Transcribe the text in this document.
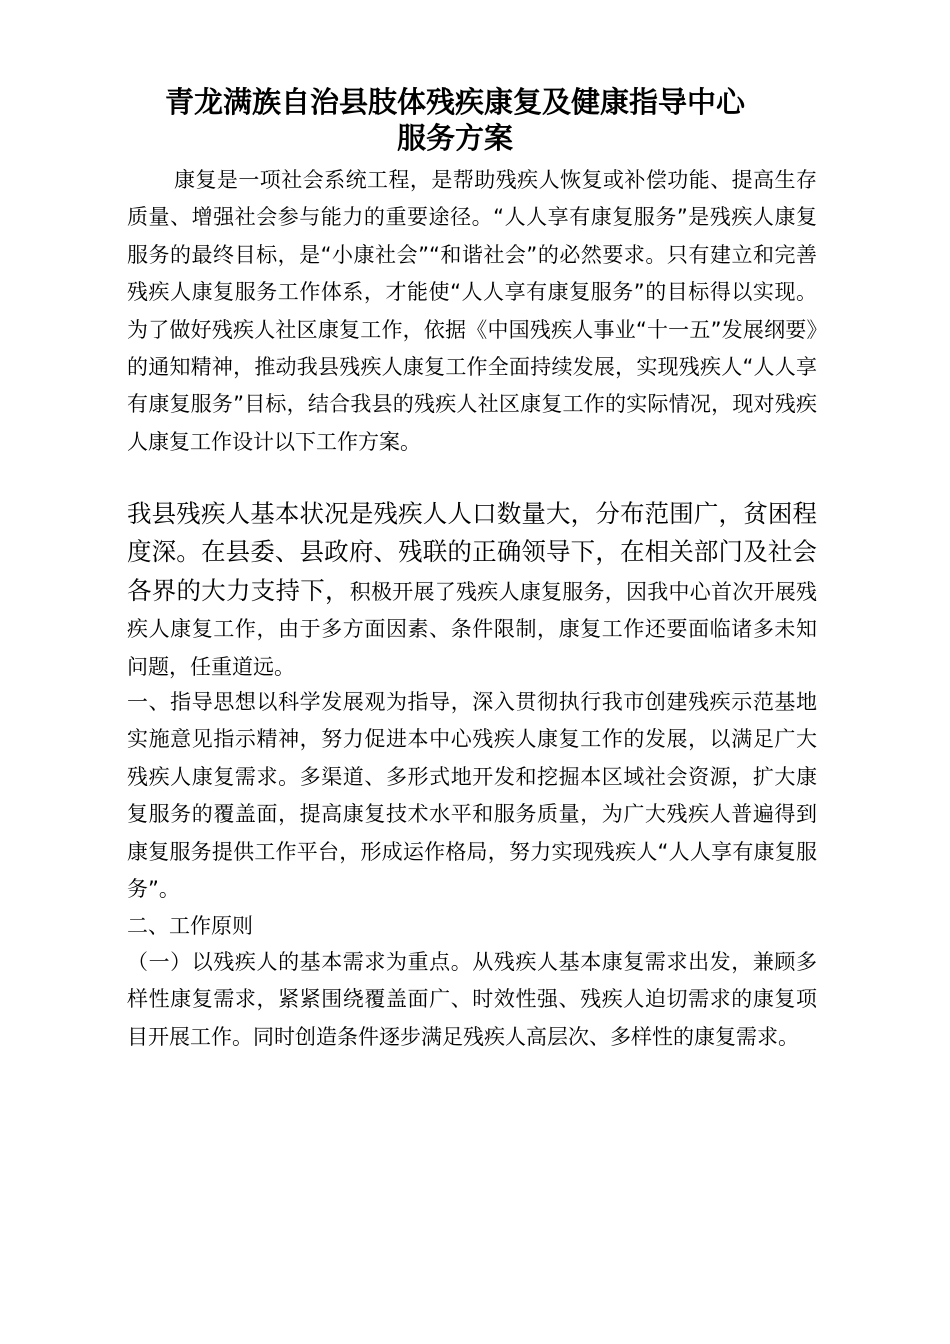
青龙满族自治县肢体残疾康复及健康指导中心
服务方案
康复是一项社会系统工程，是帮助残疾人恢复或补偿功能、提高生存质量、增强社会参与能力的重要途径。“人人享有康复服务”是残疾人康复服务的最终目标，是“小康社会”“和谐社会”的必然要求。只有建立和完善残疾人康复服务工作体系，才能使“人人享有康复服务”的目标得以实现。为了做好残疾人社区康复工作，依据《中国残疾人事业“十一五”发展纲要》的通知精神，推动我县残疾人康复工作全面持续发展，实现残疾人“人人享有康复服务”目标，结合我县的残疾人社区康复工作的实际情况，现对残疾人康复工作设计以下工作方案。
我县残疾人基本状况是残疾人人口数量大，分布范围广，贫困程度深。在县委、县政府、残联的正确领导下，在相关部门及社会各界的大力支持下，积极开展了残疾人康复服务，因我中心首次开展残疾人康复工作，由于多方面因素、条件限制，康复工作还要面临诸多未知问题，任重道远。
一、指导思想以科学发展观为指导，深入贯彻执行我市创建残疾示范基地实施意见指示精神，努力促进本中心残疾人康复工作的发展，以满足广大残疾人康复需求。多渠道、多形式地开发和挖掘本区域社会资源，扩大康复服务的覆盖面，提高康复技术水平和服务质量，为广大残疾人普遍得到康复服务提供工作平台，形成运作格局，努力实现残疾人“人人享有康复服务”。
二、工作原则
（一）以残疾人的基本需求为重点。从残疾人基本康复需求出发，兼顾多样性康复需求，紧紧围绕覆盖面广、时效性强、残疾人迫切需求的康复项目开展工作。同时创造条件逐步满足残疾人高层次、多样性的康复需求。
